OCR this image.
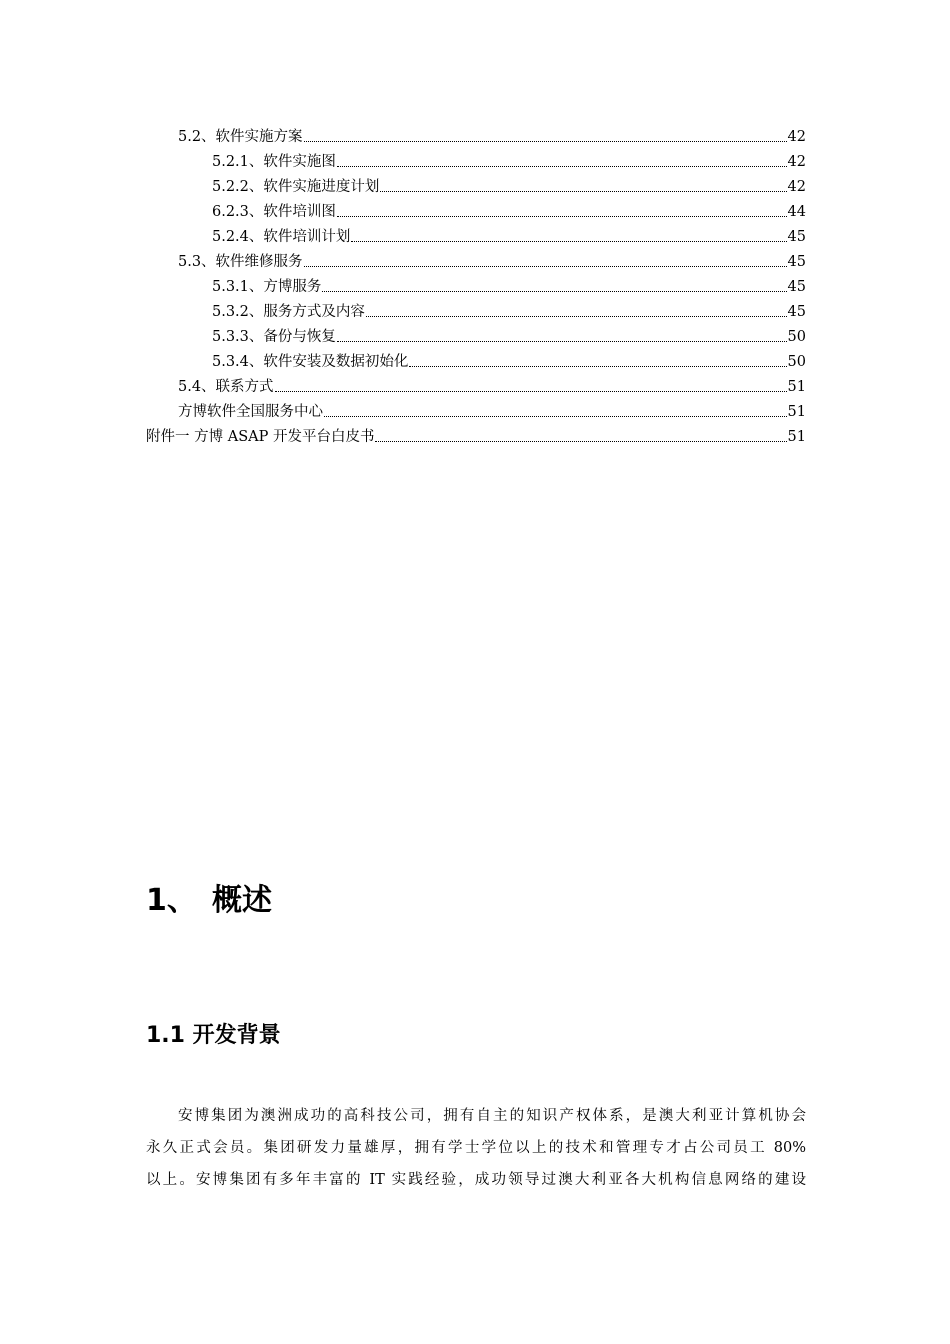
5.2、软件实施方案	42
5.2.1、软件实施图	42
5.2.2、软件实施进度计划	42
6.2.3、软件培训图	44
5.2.4、软件培训计划	45
5.3、软件维修服务	45
5.3.1、方博服务	45
5.3.2、服务方式及内容	45
5.3.3、备份与恢复	50
5.3.4、软件安装及数据初始化	50
5.4、联系方式	51
方博软件全国服务中心	51
附件一 方博 ASAP 开发平台白皮书	51
1、 概述
1.1 开发背景
安博集团为澳洲成功的高科技公司，拥有自主的知识产权体系，是澳大利亚计算机协会
永久正式会员。集团研发力量雄厚，拥有学士学位以上的技术和管理专才占公司员工 80%
以上。安博集团有多年丰富的 IT 实践经验，成功领导过澳大利亚各大机构信息网络的建设
